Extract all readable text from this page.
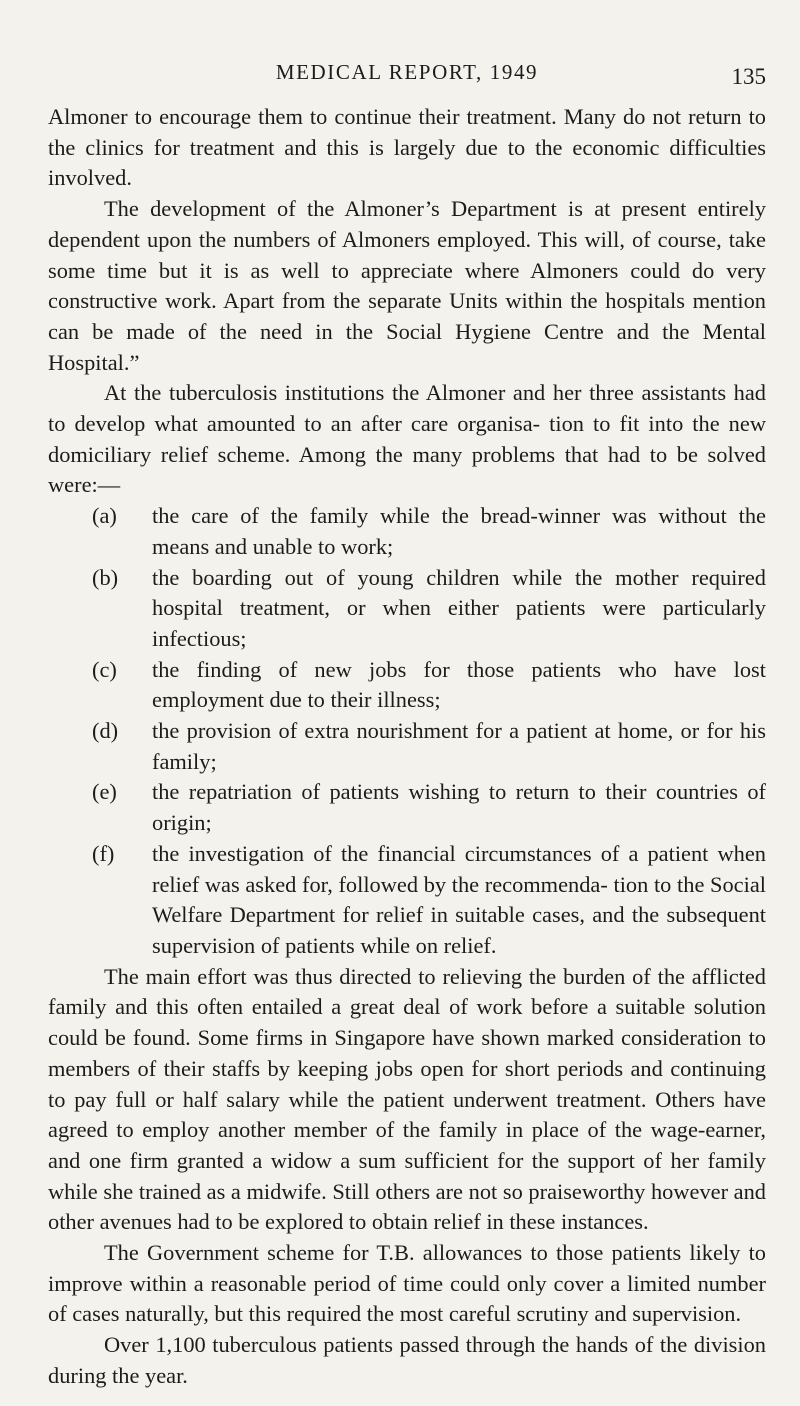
MEDICAL REPORT, 1949	135

Almoner to encourage them to continue their treatment. Many do not return to the clinics for treatment and this is largely due to the economic difficulties involved.

The development of the Almoner’s Department is at present entirely dependent upon the numbers of Almoners employed. This will, of course, take some time but it is as well to appreciate where Almoners could do very constructive work. Apart from the separate Units within the hospitals mention can be made of the need in the Social Hygiene Centre and the Mental Hospital.”

At the tuberculosis institutions the Almoner and her three assistants had to develop what amounted to an after care organisa- tion to fit into the new domiciliary relief scheme. Among the many problems that had to be solved were:—

(a) the care of the family while the bread-winner was without the means and unable to work;
(b) the boarding out of young children while the mother required hospital treatment, or when either patients were particularly infectious;
(c) the finding of new jobs for those patients who have lost employment due to their illness;
(d) the provision of extra nourishment for a patient at home, or for his family;
(e) the repatriation of patients wishing to return to their countries of origin;
(f) the investigation of the financial circumstances of a patient when relief was asked for, followed by the recommenda- tion to the Social Welfare Department for relief in suitable cases, and the subsequent supervision of patients while on relief.

The main effort was thus directed to relieving the burden of the afflicted family and this often entailed a great deal of work before a suitable solution could be found. Some firms in Singapore have shown marked consideration to members of their staffs by keeping jobs open for short periods and continuing to pay full or half salary while the patient underwent treatment. Others have agreed to employ another member of the family in place of the wage-earner, and one firm granted a widow a sum sufficient for the support of her family while she trained as a midwife. Still others are not so praiseworthy however and other avenues had to be explored to obtain relief in these instances.

The Government scheme for T.B. allowances to those patients likely to improve within a reasonable period of time could only cover a limited number of cases naturally, but this required the most careful scrutiny and supervision.

Over 1,100 tuberculous patients passed through the hands of the division during the year.
